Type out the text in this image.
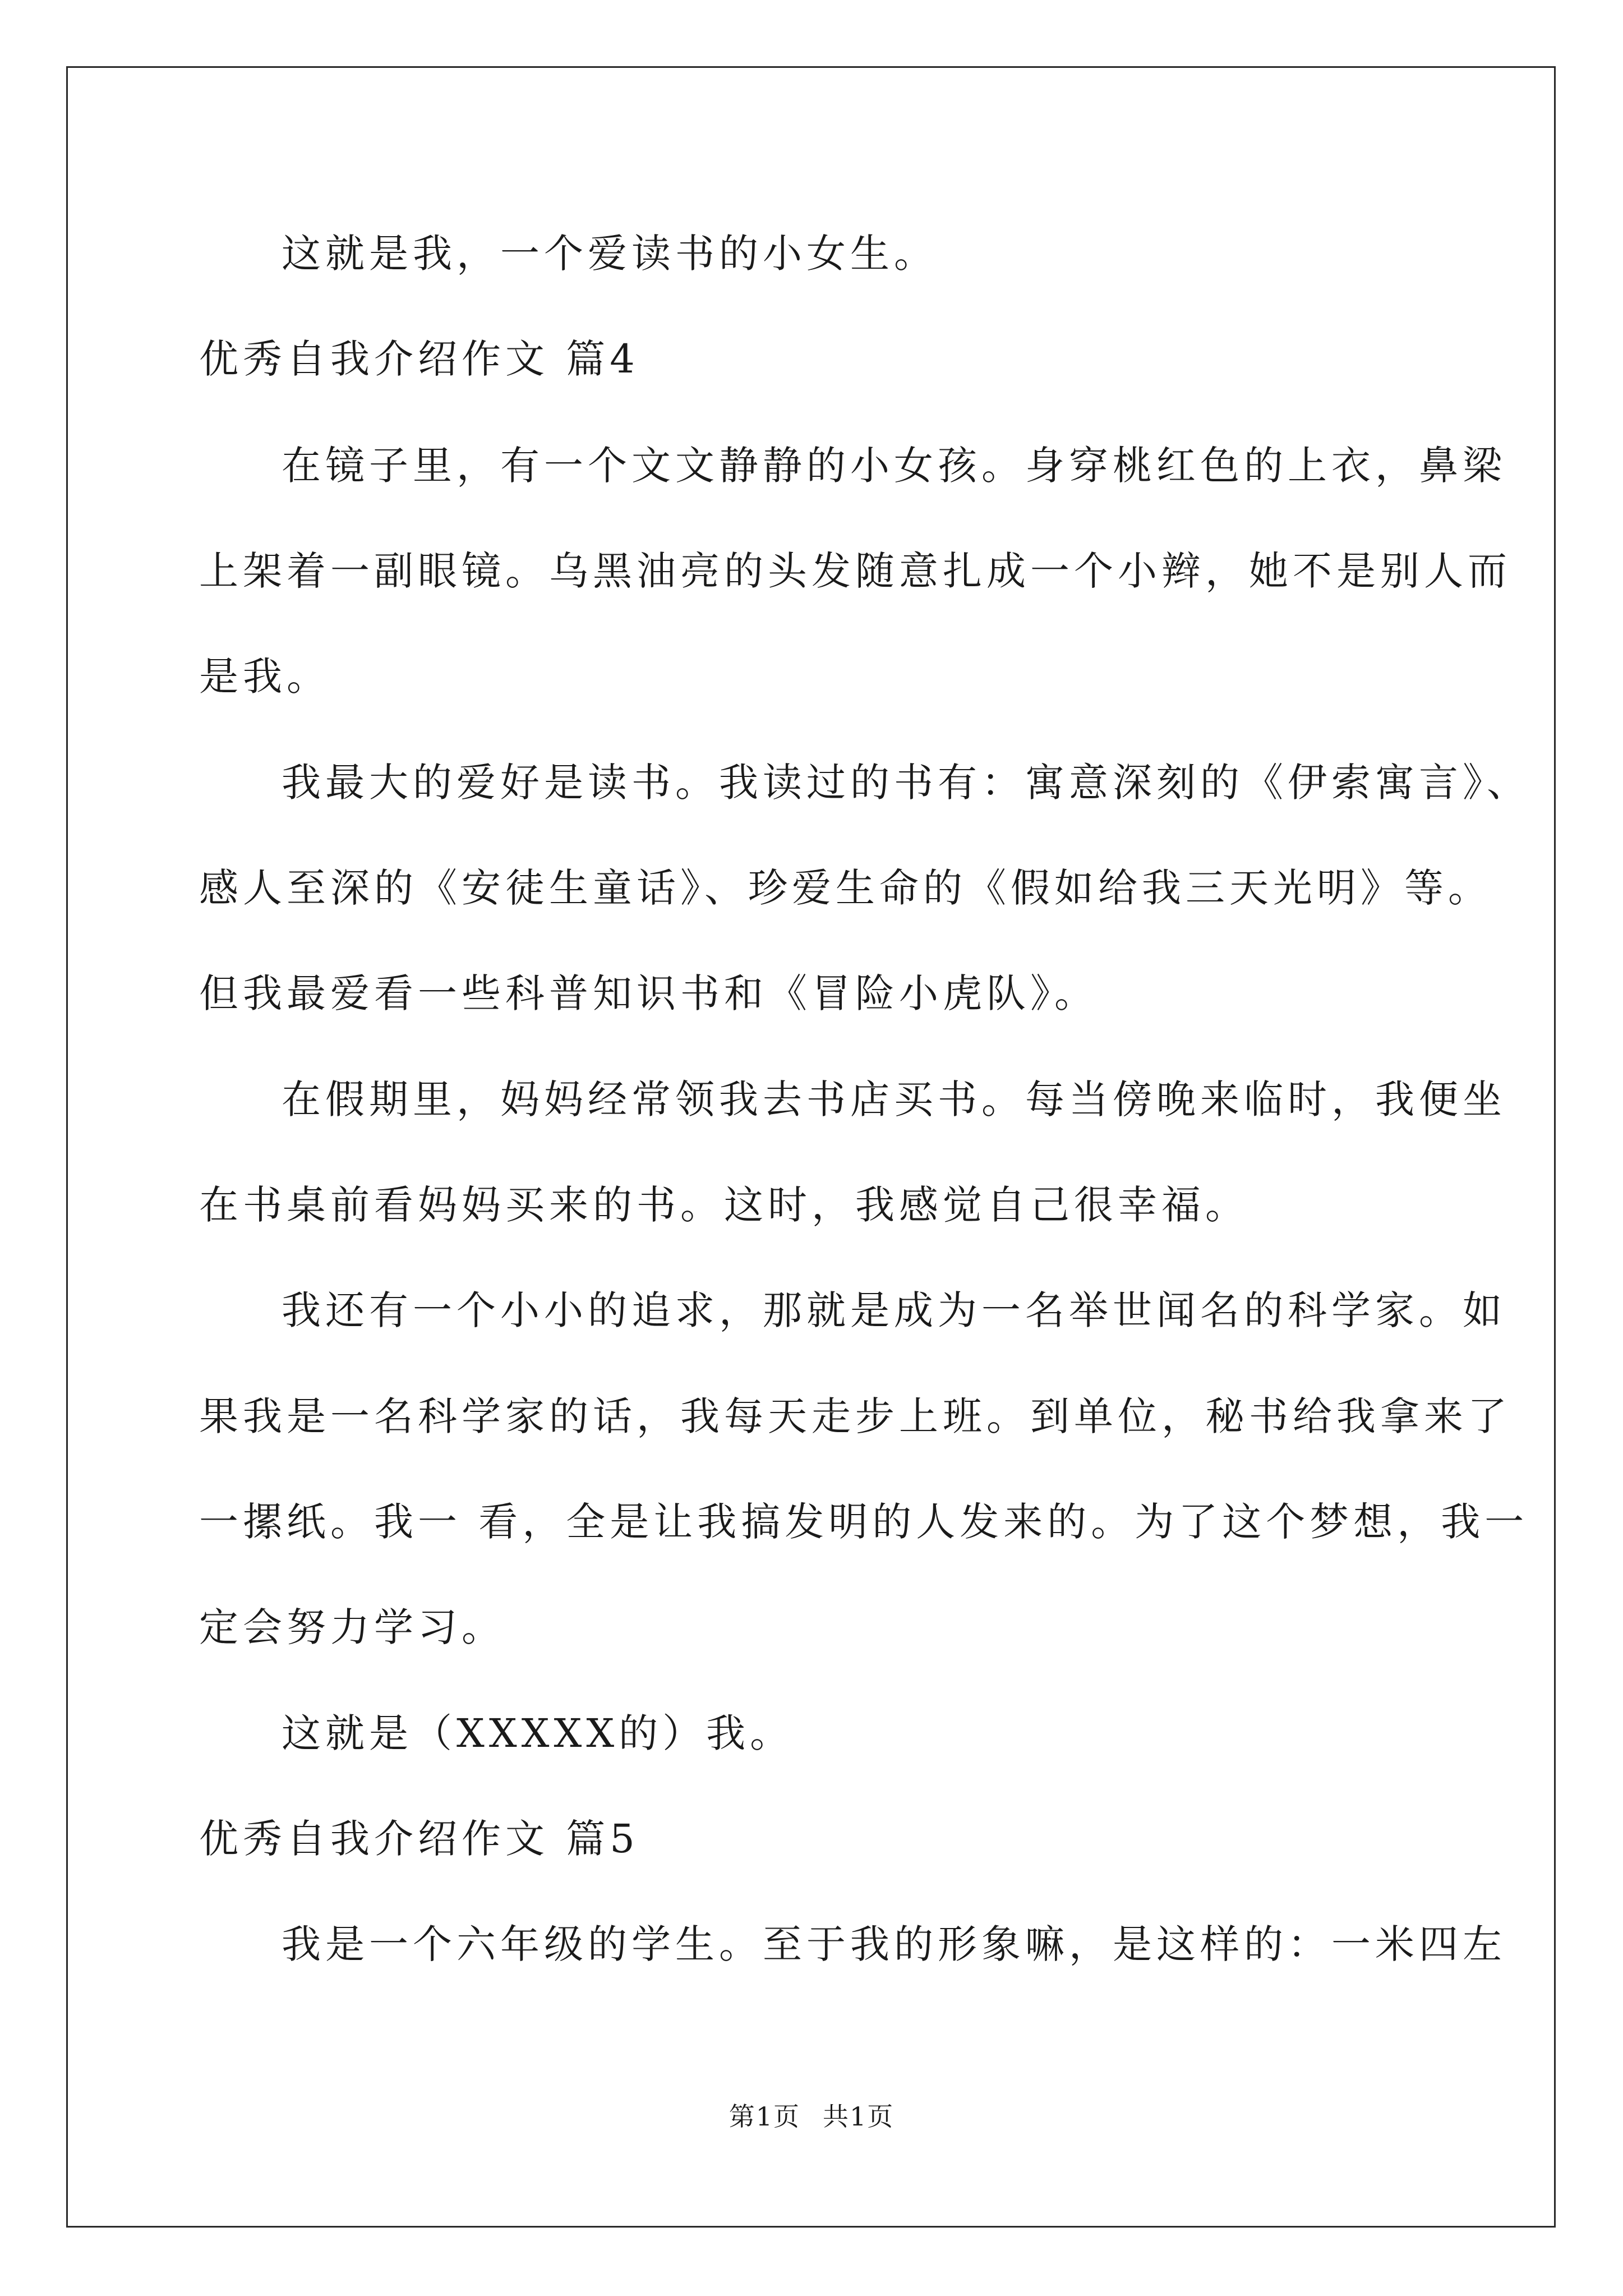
这就是我，一个爱读书的小女生。
优秀自我介绍作文 篇4
在镜子里，有一个文文静静的小女孩。身穿桃红色的上衣，鼻梁
上架着一副眼镜。乌黑油亮的头发随意扎成一个小辫，她不是别人而
是我。
我最大的爱好是读书。我读过的书有：寓意深刻的《伊索寓言》、
感人至深的《安徒生童话》、珍爱生命的《假如给我三天光明》等。
但我最爱看一些科普知识书和《冒险小虎队》。
在假期里，妈妈经常领我去书店买书。每当傍晚来临时，我便坐
在书桌前看妈妈买来的书。这时，我感觉自己很幸福。
我还有一个小小的追求，那就是成为一名举世闻名的科学家。如
果我是一名科学家的话，我每天走步上班。到单位，秘书给我拿来了
一摞纸。我一 看，全是让我搞发明的人发来的。为了这个梦想，我一
定会努力学习。
这就是（XXXXX的）我。
优秀自我介绍作文 篇5
我是一个六年级的学生。至于我的形象嘛，是这样的：一米四左
第1页 共1页
